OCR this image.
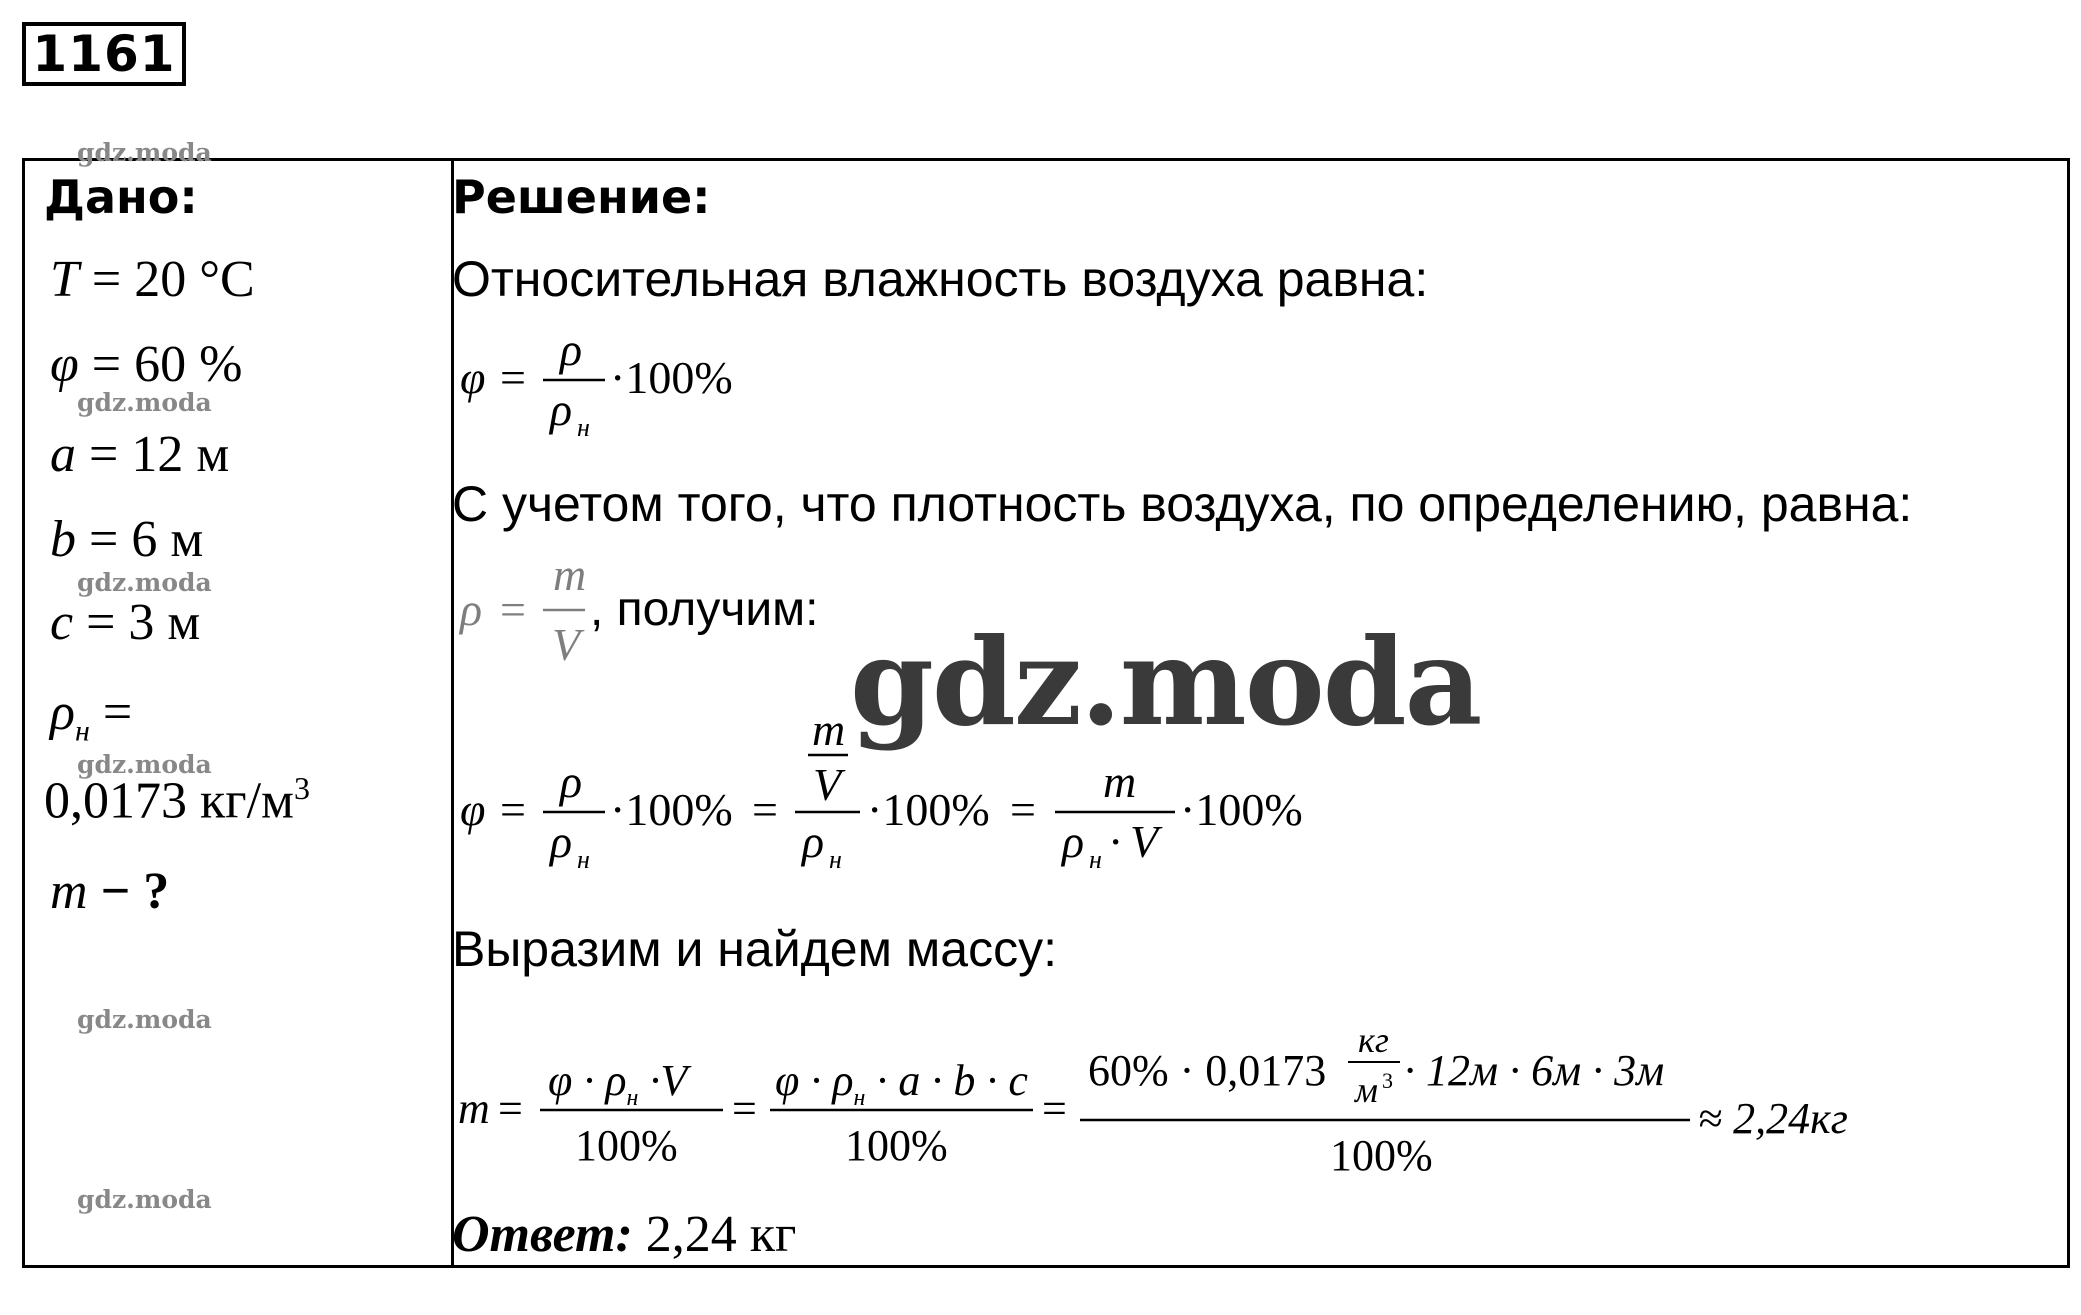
1161
Дано:
T = 20 °C
φ = 60 %
a = 12 м
b = 6 м
c = 3 м
$\rho_н$ =
0,0173 $кг/м^3$
m − ?
Решение:
Относительная влажность воздуха равна:
φ =
ρ
ρ н
·100%
С учетом того, что плотность воздуха, по определению, равна:
ρ =
m
V
, получим:
φ =
ρ
ρ н
·100% =
m
V
ρ н
·100% =
m
ρ н · V
·100%
Выразим и найдем массу:
m =
$\varphi \cdot \rho_н \cdot V$
100%
=
$\varphi \cdot \rho_н \cdot a \cdot b \cdot c$
100%
=
60% · 0,0173
кг
м 3 · 12м · 6м · 3м
100%
≈ 2,24кг
Ответ: 2,24 кг
gdz.moda
gdz.moda
gdz.moda
gdz.moda
gdz.moda
gdz.moda
gdz.moda
